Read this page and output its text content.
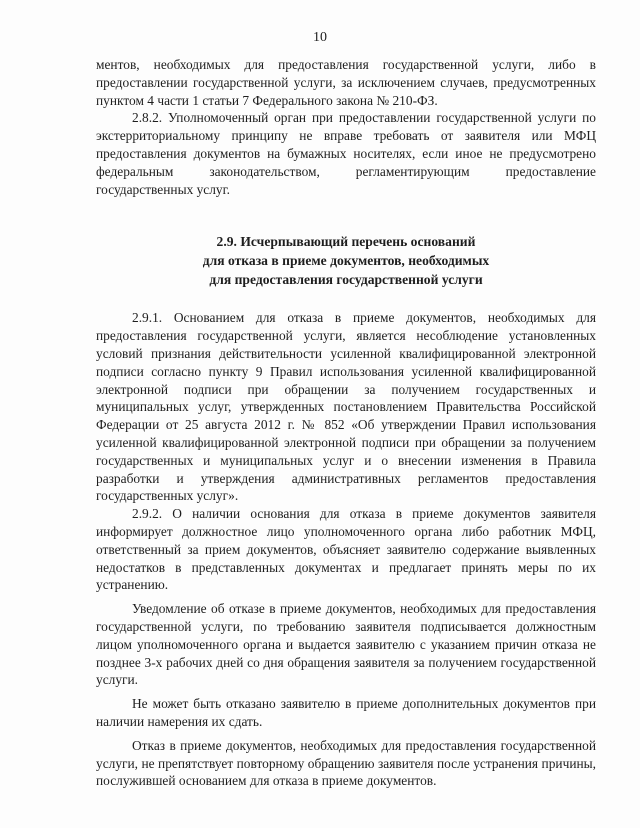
10

ментов, необходимых для предоставления государственной услуги, либо в предоставлении государственной услуги, за исключением случаев, предусмотренных пунктом 4 части 1 статьи 7 Федерального закона № 210-ФЗ.

2.8.2. Уполномоченный орган при предоставлении государственной услуги по экстерриториальному принципу не вправе требовать от заявителя или МФЦ предоставления документов на бумажных носителях, если иное не предусмотрено федеральным законодательством, регламентирующим предоставление государственных услуг.

2.9. Исчерпывающий перечень оснований
для отказа в приеме документов, необходимых
для предоставления государственной услуги

2.9.1. Основанием для отказа в приеме документов, необходимых для предоставления государственной услуги, является несоблюдение установленных условий признания действительности усиленной квалифицированной электронной подписи согласно пункту 9 Правил использования усиленной квалифицированной электронной подписи при обращении за получением государственных и муниципальных услуг, утвержденных постановлением Правительства Российской Федерации от 25 августа 2012 г. № 852 «Об утверждении Правил использования усиленной квалифицированной электронной подписи при обращении за получением государственных и муниципальных услуг и о внесении изменения в Правила разработки и утверждения административных регламентов предоставления государственных услуг».

2.9.2. О наличии основания для отказа в приеме документов заявителя информирует должностное лицо уполномоченного органа либо работник МФЦ, ответственный за прием документов, объясняет заявителю содержание выявленных недостатков в представленных документах и предлагает принять меры по их устранению.

Уведомление об отказе в приеме документов, необходимых для предоставления государственной услуги, по требованию заявителя подписывается должностным лицом уполномоченного органа и выдается заявителю с указанием причин отказа не позднее 3-х рабочих дней со дня обращения заявителя за получением государственной услуги.

Не может быть отказано заявителю в приеме дополнительных документов при наличии намерения их сдать.

Отказ в приеме документов, необходимых для предоставления государственной услуги, не препятствует повторному обращению заявителя после устранения причины, послужившей основанием для отказа в приеме документов.
